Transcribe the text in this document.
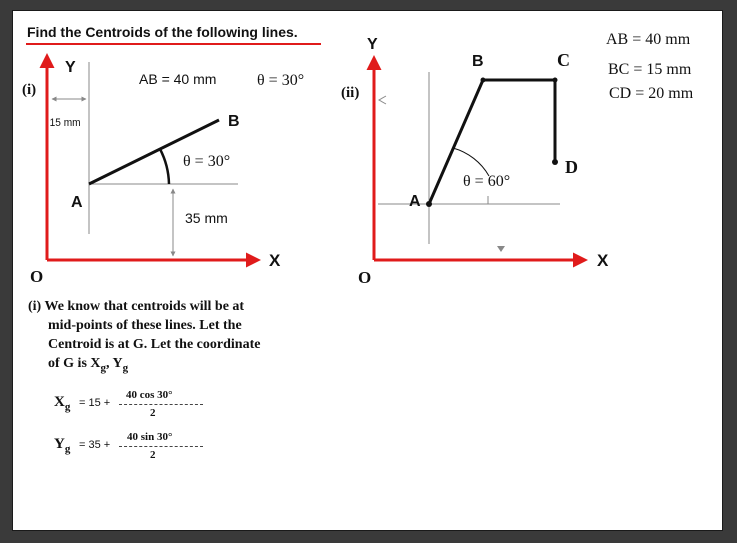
Find the Centroids of the following lines.
(i)
Y
X
O
AB = 40 mm	θ = 30°
15 mm
35 mm
θ = 30°
A
B
(ii)
Y
X
O
A
B	C
D
θ = 60°
AB = 40 mm
BC = 15 mm
CD = 20 mm
(i) We know that centroids will be at
mid-points of these lines. Let the
Centroid is at G. Let the coordinate
of G is $X_g$, $Y_g$
$X_g = 15$ +
40 cos 30°
2
$Y_g = 35$ +
40 sin 30°
2
